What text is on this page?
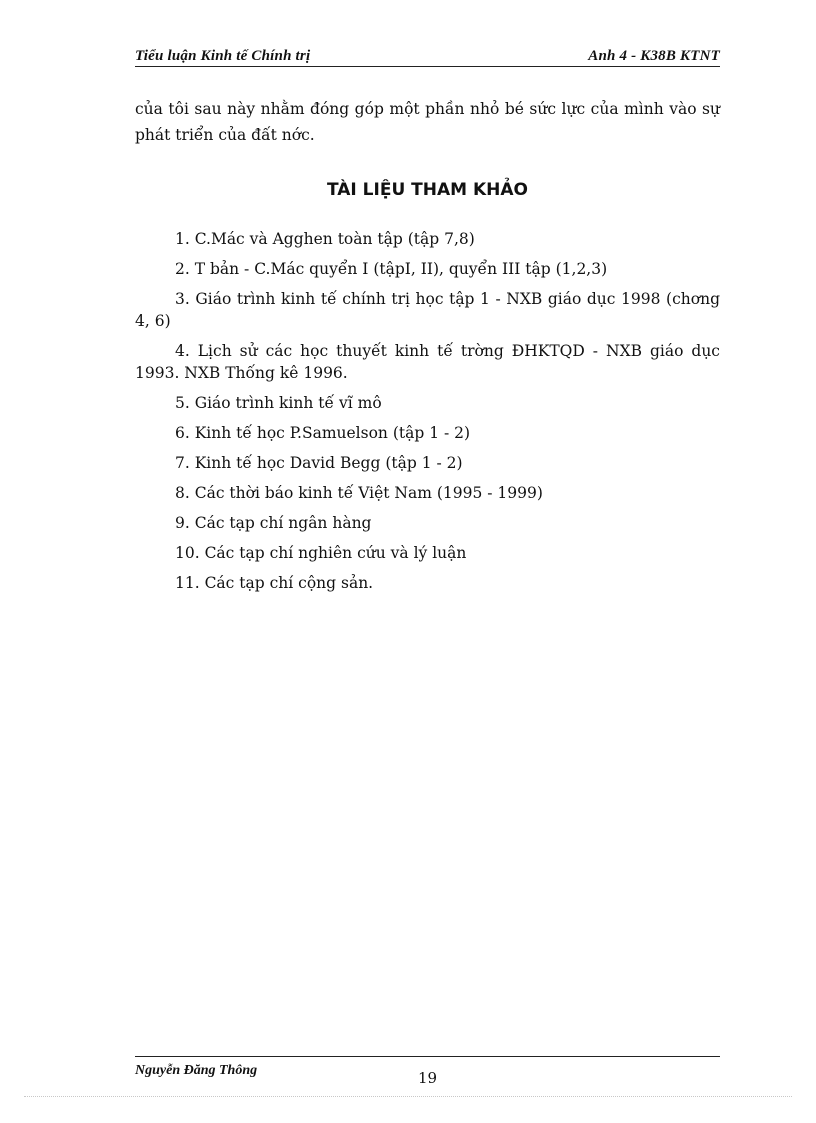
Tiểu luận Kinh tế Chính trị	Anh 4 - K38B KTNT
của tôi sau này nhằm đóng góp một phần nhỏ bé sức lực của mình vào sự phát triển của đất nớc.
TÀI LIỆU THAM KHẢO
1. C.Mác và Agghen toàn tập (tập 7,8)
2. T bản - C.Mác quyển I (tậpI, II), quyển III tập (1,2,3)
3. Giáo trình kinh tế chính trị học tập 1 - NXB giáo dục 1998 (chơng 4, 6)
4. Lịch sử các học thuyết kinh tế trờng ĐHKTQD - NXB giáo dục 1993. NXB Thống kê 1996.
5. Giáo trình kinh tế vĩ mô
6. Kinh tế học P.Samuelson (tập 1 - 2)
7. Kinh tế học David Begg (tập 1 - 2)
8. Các thời báo kinh tế Việt Nam (1995 - 1999)
9. Các tạp chí ngân hàng
10. Các tạp chí nghiên cứu và lý luận
11. Các tạp chí cộng sản.
Nguyễn Đăng Thông	19
